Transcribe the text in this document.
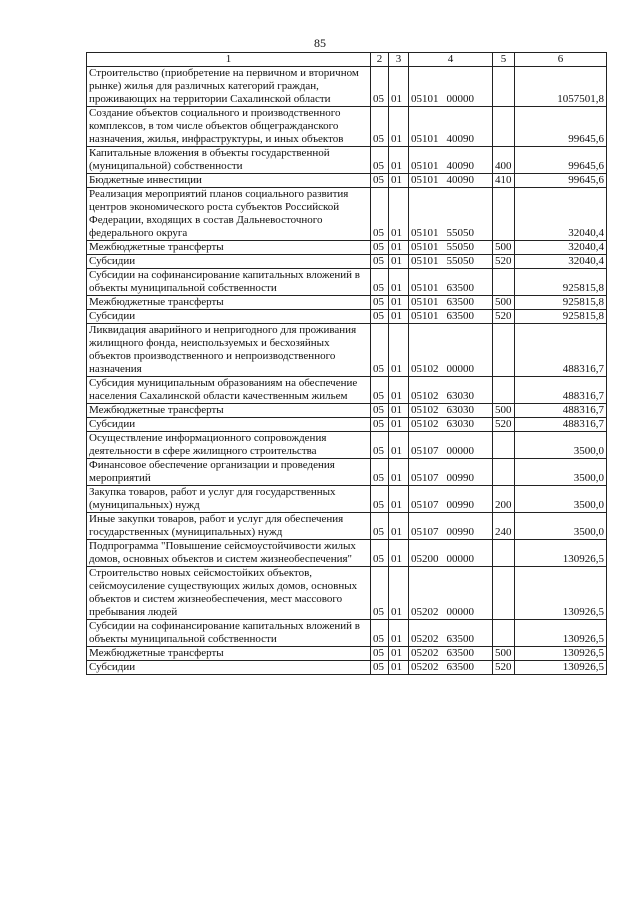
85
1	2	3	4	5	6
Строительство (приобретение на первичном и вторичном рынке) жилья для различных категорий граждан, проживающих на территории Сахалинской области	05	01	05101 00000		1057501,8
Создание объектов социального и производственного комплексов, в том числе объектов общегражданского назначения, жилья, инфраструктуры, и иных объектов	05	01	05101 40090		99645,6
Капитальные вложения в объекты государственной (муниципальной) собственности	05	01	05101 40090	400	99645,6
Бюджетные инвестиции	05	01	05101 40090	410	99645,6
Реализация мероприятий планов социального развития центров экономического роста субъектов Российской Федерации, входящих в состав Дальневосточного федерального округа	05	01	05101 55050		32040,4
Межбюджетные трансферты	05	01	05101 55050	500	32040,4
Субсидии	05	01	05101 55050	520	32040,4
Субсидии на софинансирование капитальных вложений в объекты муниципальной собственности	05	01	05101 63500		925815,8
Межбюджетные трансферты	05	01	05101 63500	500	925815,8
Субсидии	05	01	05101 63500	520	925815,8
Ликвидация аварийного и непригодного для проживания жилищного фонда, неиспользуемых и бесхозяйных объектов производственного и непроизводственного назначения	05	01	05102 00000		488316,7
Субсидия муниципальным образованиям на обеспечение населения Сахалинской области качественным жильем	05	01	05102 63030		488316,7
Межбюджетные трансферты	05	01	05102 63030	500	488316,7
Субсидии	05	01	05102 63030	520	488316,7
Осуществление информационного сопровождения деятельности в сфере жилищного строительства	05	01	05107 00000		3500,0
Финансовое обеспечение организации и проведения мероприятий	05	01	05107 00990		3500,0
Закупка товаров, работ и услуг для государственных (муниципальных) нужд	05	01	05107 00990	200	3500,0
Иные закупки товаров, работ и услуг для обеспечения государственных (муниципальных) нужд	05	01	05107 00990	240	3500,0
Подпрограмма "Повышение сейсмоустойчивости жилых домов, основных объектов и систем жизнеобеспечения"	05	01	05200 00000		130926,5
Строительство новых сейсмостойких объектов, сейсмоусиление существующих жилых домов, основных объектов и систем жизнеобеспечения, мест массового пребывания людей	05	01	05202 00000		130926,5
Субсидии на софинансирование капитальных вложений в объекты муниципальной собственности	05	01	05202 63500		130926,5
Межбюджетные трансферты	05	01	05202 63500	500	130926,5
Субсидии	05	01	05202 63500	520	130926,5
